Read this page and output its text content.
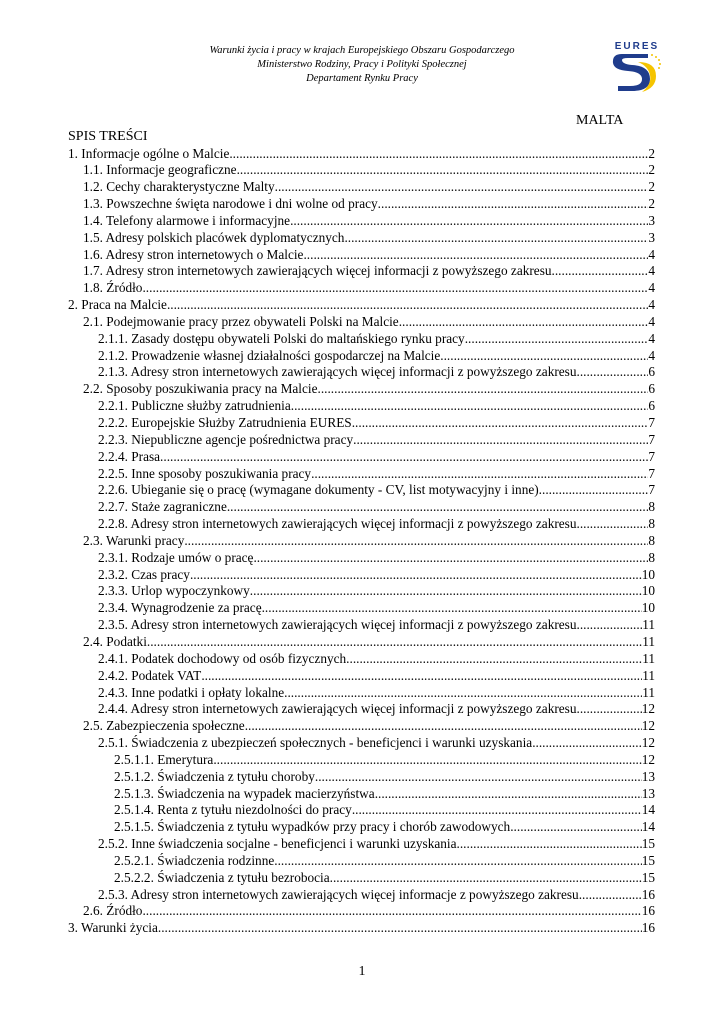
Warunki życia i pracy w krajach Europejskiego Obszaru Gospodarczego
Ministerstwo Rodziny, Pracy i Polityki Społecznej
Departament Rynku Pracy
EURES
MALTA
SPIS TREŚCI
1. Informacje ogólne o Malcie .....	2
1.1. Informacje geograficzne .....	2
1.2. Cechy charakterystyczne Malty .....	2
1.3. Powszechne święta narodowe i dni wolne od pracy .....	2
1.4. Telefony alarmowe i informacyjne .....	3
1.5. Adresy polskich placówek dyplomatycznych .....	3
1.6. Adresy stron internetowych o Malcie .....	4
1.7. Adresy stron internetowych zawierających więcej informacji z powyższego zakresu .....	4
1.8. Źródło .....	4
2. Praca na Malcie .....	4
2.1. Podejmowanie pracy przez obywateli Polski na Malcie .....	4
2.1.1. Zasady dostępu obywateli Polski do maltańskiego rynku pracy .....	4
2.1.2. Prowadzenie własnej działalności gospodarczej na Malcie .....	4
2.1.3. Adresy stron internetowych zawierających więcej informacji z powyższego zakresu .....	6
2.2. Sposoby poszukiwania pracy na Malcie .....	6
2.2.1. Publiczne służby zatrudnienia .....	6
2.2.2. Europejskie Służby Zatrudnienia EURES .....	7
2.2.3. Niepubliczne agencje pośrednictwa pracy .....	7
2.2.4. Prasa .....	7
2.2.5. Inne sposoby poszukiwania pracy .....	7
2.2.6. Ubieganie się o pracę (wymagane dokumenty - CV, list motywacyjny i inne) .....	7
2.2.7. Staże zagraniczne .....	8
2.2.8. Adresy stron internetowych zawierających więcej informacji z powyższego zakresu. .....	8
2.3. Warunki pracy .....	8
2.3.1. Rodzaje umów o pracę .....	8
2.3.2. Czas pracy .....	10
2.3.3. Urlop wypoczynkowy .....	10
2.3.4. Wynagrodzenie za pracę .....	10
2.3.5. Adresy stron internetowych zawierających więcej informacji z powyższego zakresu .....	11
2.4. Podatki .....	11
2.4.1. Podatek dochodowy od osób fizycznych .....	11
2.4.2. Podatek VAT .....	11
2.4.3. Inne podatki i opłaty lokalne .....	11
2.4.4. Adresy stron internetowych zawierających więcej informacji z powyższego zakresu .....	12
2.5. Zabezpieczenia społeczne .....	12
2.5.1. Świadczenia z ubezpieczeń społecznych - beneficjenci i warunki uzyskania .....	12
2.5.1.1. Emerytura .....	12
2.5.1.2. Świadczenia z tytułu choroby .....	13
2.5.1.3. Świadczenia na wypadek macierzyństwa .....	13
2.5.1.4. Renta z tytułu niezdolności do pracy .....	14
2.5.1.5. Świadczenia z tytułu wypadków przy pracy i chorób zawodowych .....	14
2.5.2. Inne świadczenia socjalne - beneficjenci i warunki uzyskania .....	15
2.5.2.1. Świadczenia rodzinne .....	15
2.5.2.2. Świadczenia z tytułu bezrobocia .....	15
2.5.3. Adresy stron internetowych zawierających więcej informacje z powyższego zakresu .....	16
2.6. Źródło .....	16
3. Warunki życia .....	16
1
